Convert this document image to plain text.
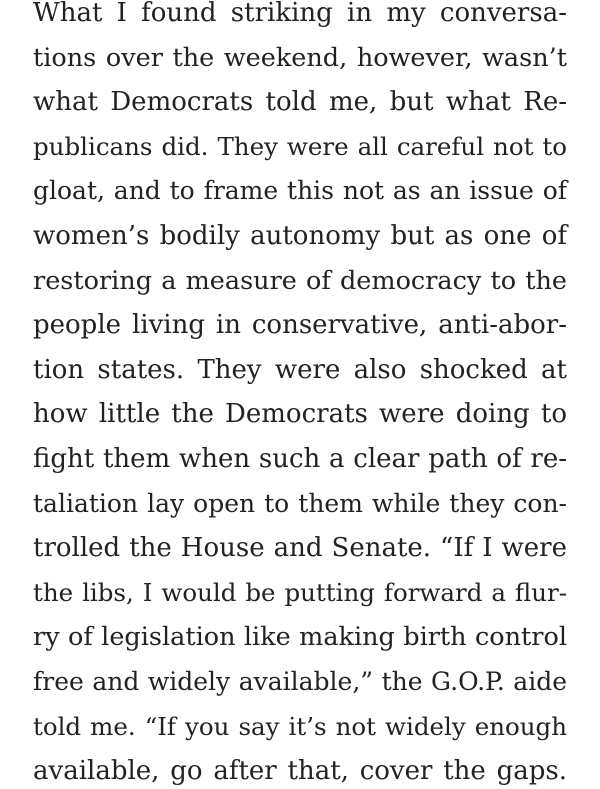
What I found striking in my conversa-
tions over the weekend, however, wasn’t
what Democrats told me, but what Re-
publicans did. They were all careful not to
gloat, and to frame this not as an issue of
women’s bodily autonomy but as one of
restoring a measure of democracy to the
people living in conservative, anti-abor-
tion states. They were also shocked at
how little the Democrats were doing to
fight them when such a clear path of re-
taliation lay open to them while they con-
trolled the House and Senate. “If I were
the libs, I would be putting forward a flur-
ry of legislation like making birth control
free and widely available,” the G.O.P. aide
told me. “If you say it’s not widely enough
available, go after that, cover the gaps.
